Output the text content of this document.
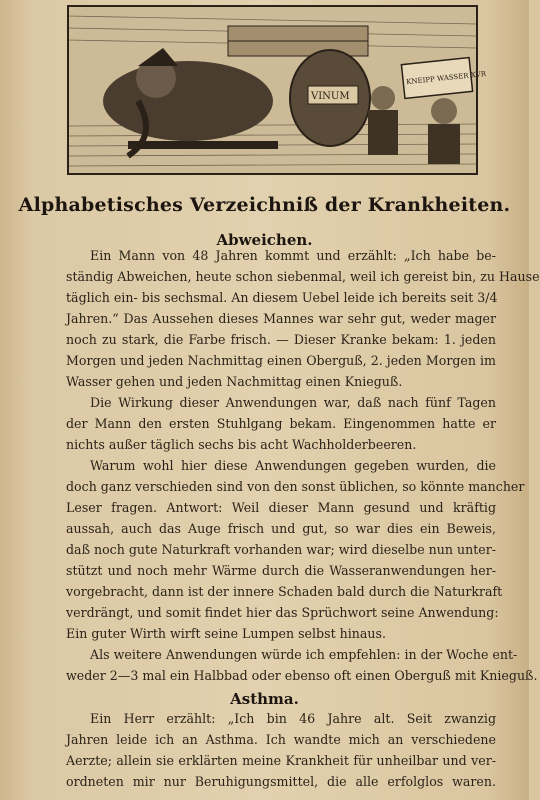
VINUM
KNEIPP WASSER XVR
Alphabetisches Verzeichniß der Krankheiten.
Abweichen.
Ein Mann von 48 Jahren kommt und erzählt: „Ich habe be-
ständig Abweichen, heute schon siebenmal, weil ich gereist bin, zu Hause
täglich ein- bis sechsmal. An diesem Uebel leide ich bereits seit 3/4
Jahren.“ Das Aussehen dieses Mannes war sehr gut, weder mager
noch zu stark, die Farbe frisch. — Dieser Kranke bekam: 1. jeden
Morgen und jeden Nachmittag einen Oberguß, 2. jeden Morgen im
Wasser gehen und jeden Nachmittag einen Knieguß.
Die Wirkung dieser Anwendungen war, daß nach fünf Tagen
der Mann den ersten Stuhlgang bekam. Eingenommen hatte er
nichts außer täglich sechs bis acht Wachholderbeeren.
Warum wohl hier diese Anwendungen gegeben wurden, die
doch ganz verschieden sind von den sonst üblichen, so könnte mancher
Leser fragen. Antwort: Weil dieser Mann gesund und kräftig
aussah, auch das Auge frisch und gut, so war dies ein Beweis,
daß noch gute Naturkraft vorhanden war; wird dieselbe nun unter-
stützt und noch mehr Wärme durch die Wasseranwendungen her-
vorgebracht, dann ist der innere Schaden bald durch die Naturkraft
verdrängt, und somit findet hier das Sprüchwort seine Anwendung:
Ein guter Wirth wirft seine Lumpen selbst hinaus.
Als weitere Anwendungen würde ich empfehlen: in der Woche ent-
weder 2—3 mal ein Halbbad oder ebenso oft einen Oberguß mit Knieguß.
Asthma.
Ein Herr erzählt: „Ich bin 46 Jahre alt. Seit zwanzig
Jahren leide ich an Asthma. Ich wandte mich an verschiedene
Aerzte; allein sie erklärten meine Krankheit für unheilbar und ver-
ordneten mir nur Beruhigungsmittel, die alle erfolglos waren.
